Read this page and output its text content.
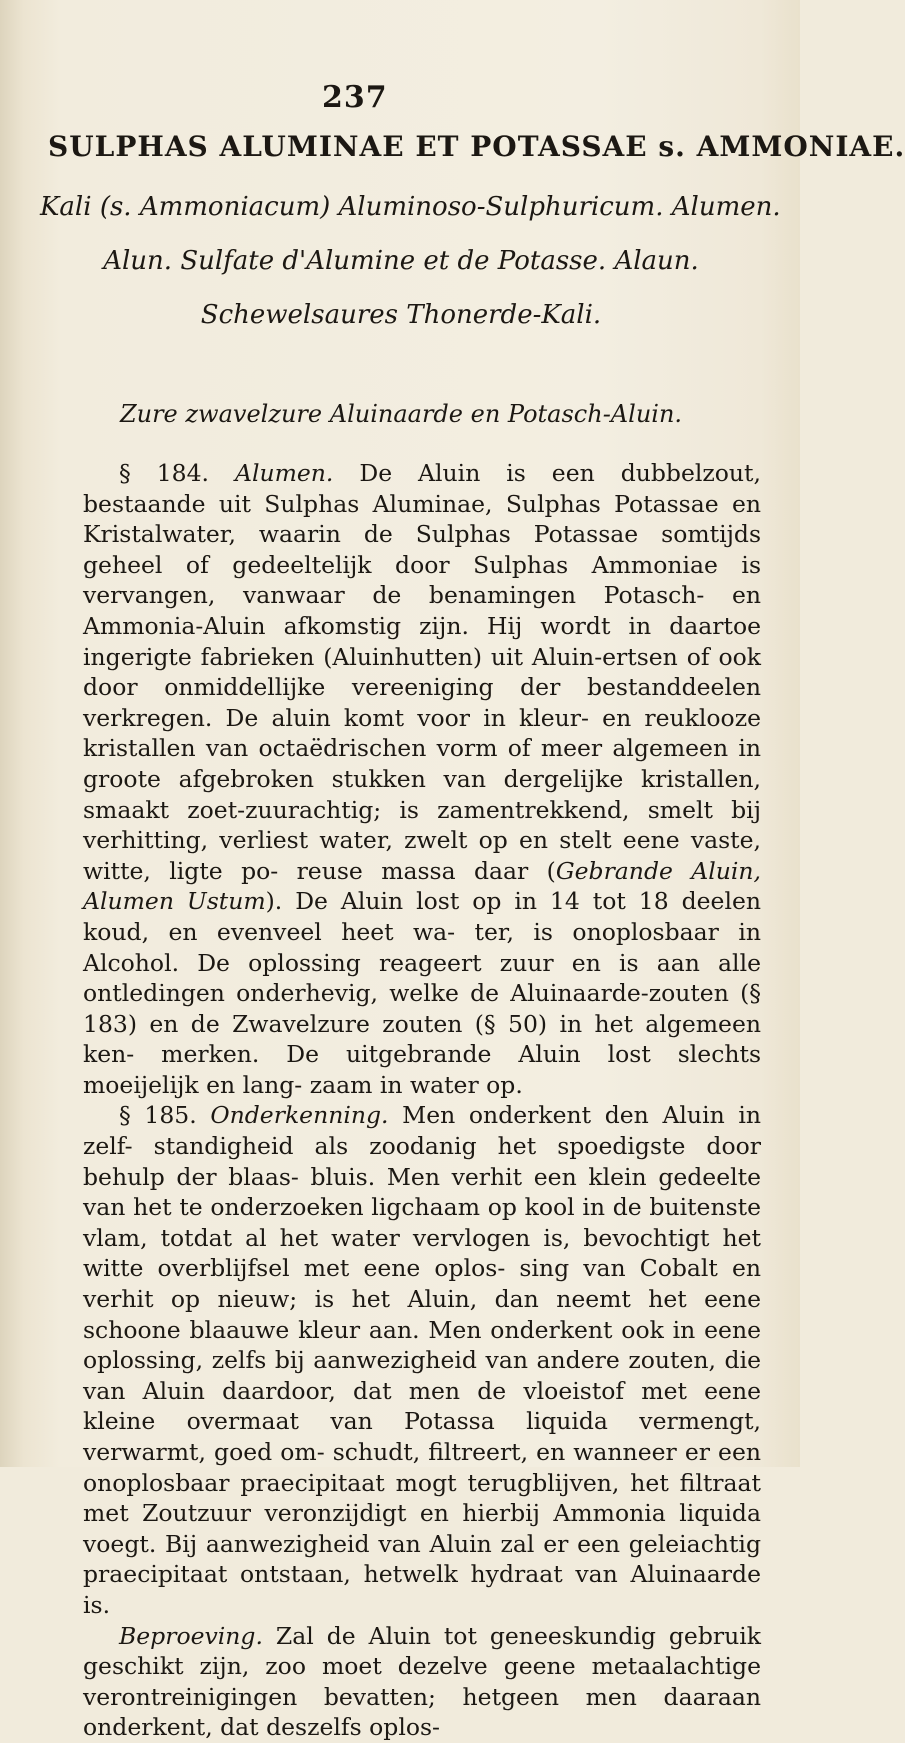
237
SULPHAS ALUMINAE ET POTASSAE s. AMMONIAE.
Kali (s. Ammoniacum) Aluminoso-Sulphuricum. Alumen.
Alun. Sulfate d'Alumine et de Potasse. Alaun.
Schewelsaures Thonerde-Kali.
Zure zwavelzure Aluinaarde en Potasch-Aluin.

§ 184. Alumen. De Aluin is een dubbelzout, bestaande uit Sulphas Aluminae, Sulphas Potassae en Kristalwater, waarin de Sulphas Potassae somtijds geheel of gedeeltelijk door Sulphas Ammoniae is vervangen, vanwaar de benamingen Potasch- en Ammonia-Aluin afkomstig zijn. Hij wordt in daartoe ingerigte fabrieken (Aluinhutten) uit Aluin-ertsen of ook door onmiddellijke vereeniging der bestanddeelen verkregen. De aluin komt voor in kleur- en reuklooze kristallen van octaëdrischen vorm of meer algemeen in groote afgebroken stukken van dergelijke kristallen, smaakt zoet-zuurachtig; is zamentrekkend, smelt bij verhitting, verliest water, zwelt op en stelt eene vaste, witte, ligte po- reuse massa daar (Gebrande Aluin, Alumen Ustum). De Aluin lost op in 14 tot 18 deelen koud, en evenveel heet wa- ter, is onoplosbaar in Alcohol. De oplossing reageert zuur en is aan alle ontledingen onderhevig, welke de Aluinaarde-zouten (§ 183) en de Zwavelzure zouten (§ 50) in het algemeen ken- merken. De uitgebrande Aluin lost slechts moeijelijk en lang- zaam in water op.

§ 185. Onderkenning. Men onderkent den Aluin in zelf- standigheid als zoodanig het spoedigste door behulp der blaas- bluis. Men verhit een klein gedeelte van het te onderzoeken ligchaam op kool in de buitenste vlam, totdat al het water vervlogen is, bevochtigt het witte overblijfsel met eene oplos- sing van Cobalt en verhit op nieuw; is het Aluin, dan neemt het eene schoone blaauwe kleur aan. Men onderkent ook in eene oplossing, zelfs bij aanwezigheid van andere zouten, die van Aluin daardoor, dat men de vloeistof met eene kleine overmaat van Potassa liquida vermengt, verwarmt, goed om- schudt, filtreert, en wanneer er een onoplosbaar praecipitaat mogt terugblijven, het filtraat met Zoutzuur veronzijdigt en hierbij Ammonia liquida voegt. Bij aanwezigheid van Aluin zal er een geleiachtig praecipitaat ontstaan, hetwelk hydraat van Aluinaarde is.

Beproeving. Zal de Aluin tot geneeskundig gebruik geschikt zijn, zoo moet dezelve geene metaalachtige verontreinigingen bevatten; hetgeen men daaraan onderkent, dat deszelfs oplos-
